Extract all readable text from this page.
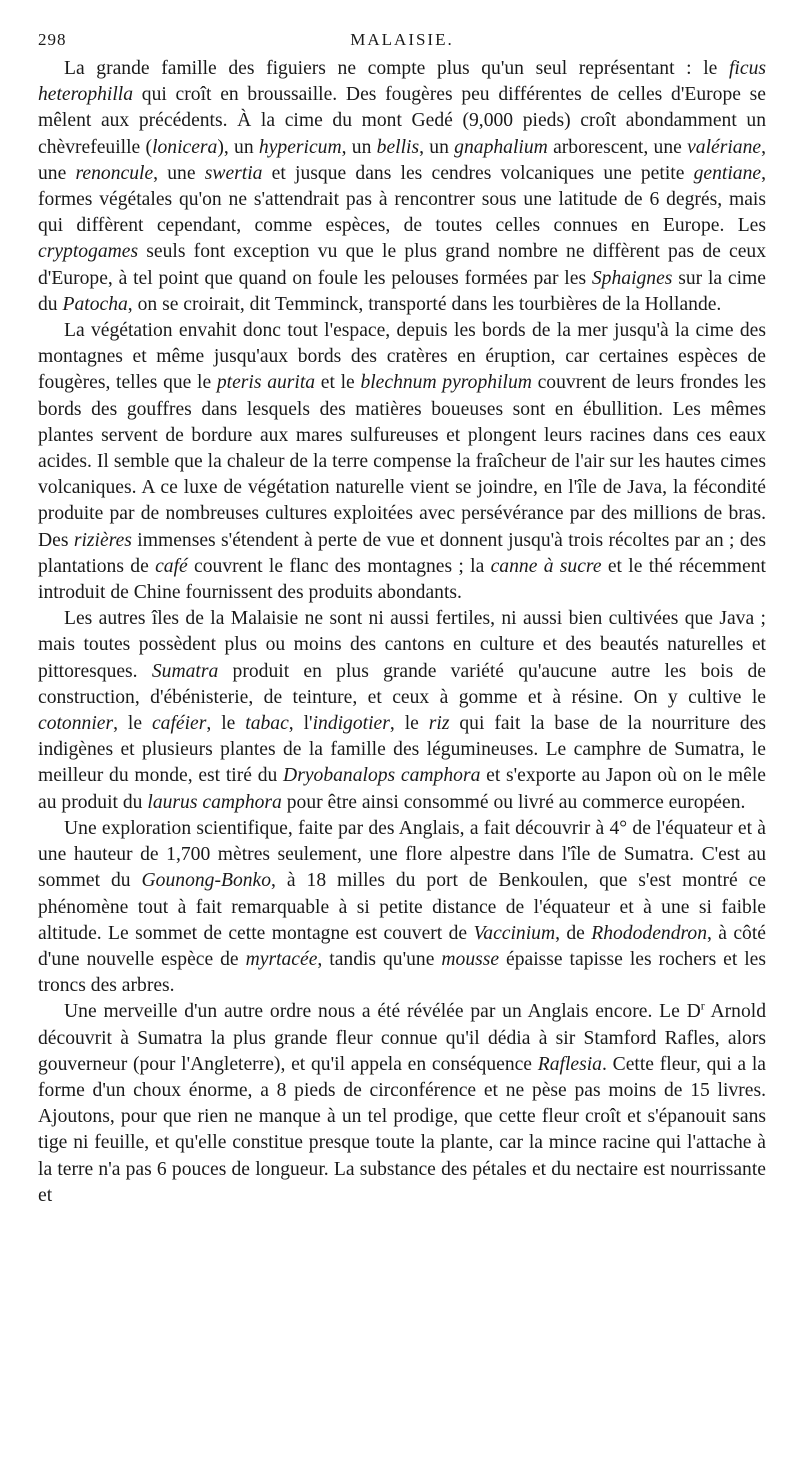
298	MALAISIE.

La grande famille des figuiers ne compte plus qu'un seul représentant : le ficus heterophilla qui croît en broussaille. Des fougères peu différentes de celles d'Europe se mêlent aux précédents. À la cime du mont Gedé (9,000 pieds) croît abondamment un chèvrefeuille (lonicera), un hypericum, un bellis, un gnaphalium arborescent, une valériane, une renoncule, une swertia et jusque dans les cendres volcaniques une petite gentiane, formes végétales qu'on ne s'attendrait pas à rencontrer sous une latitude de 6 degrés, mais qui diffèrent cependant, comme espèces, de toutes celles connues en Europe. Les cryptogames seuls font exception vu que le plus grand nombre ne diffèrent pas de ceux d'Europe, à tel point que quand on foule les pelouses formées par les Sphaignes sur la cime du Patocha, on se croirait, dit Temminck, transporté dans les tourbières de la Hollande.

La végétation envahit donc tout l'espace, depuis les bords de la mer jusqu'à la cime des montagnes et même jusqu'aux bords des cratères en éruption, car certaines espèces de fougères, telles que le pteris aurita et le blechnum pyrophilum couvrent de leurs frondes les bords des gouffres dans lesquels des matières boueuses sont en ébullition. Les mêmes plantes servent de bordure aux mares sulfureuses et plongent leurs racines dans ces eaux acides. Il semble que la chaleur de la terre compense la fraîcheur de l'air sur les hautes cimes volcaniques. A ce luxe de végétation naturelle vient se joindre, en l'île de Java, la fécondité produite par de nombreuses cultures exploitées avec persévérance par des millions de bras. Des rizières immenses s'étendent à perte de vue et donnent jusqu'à trois récoltes par an ; des plantations de café couvrent le flanc des montagnes ; la canne à sucre et le thé récemment introduit de Chine fournissent des produits abondants.

Les autres îles de la Malaisie ne sont ni aussi fertiles, ni aussi bien cultivées que Java ; mais toutes possèdent plus ou moins des cantons en culture et des beautés naturelles et pittoresques. Sumatra produit en plus grande variété qu'aucune autre les bois de construction, d'ébénisterie, de teinture, et ceux à gomme et à résine. On y cultive le cotonnier, le caféier, le tabac, l'indigotier, le riz qui fait la base de la nourriture des indigènes et plusieurs plantes de la famille des légumineuses. Le camphre de Sumatra, le meilleur du monde, est tiré du Dryobanalops camphora et s'exporte au Japon où on le mêle au produit du laurus camphora pour être ainsi consommé ou livré au commerce européen.

Une exploration scientifique, faite par des Anglais, a fait découvrir à 4° de l'équateur et à une hauteur de 1,700 mètres seulement, une flore alpestre dans l'île de Sumatra. C'est au sommet du Gounong-Bonko, à 18 milles du port de Benkoulen, que s'est montré ce phénomène tout à fait remarquable à si petite distance de l'équateur et à une si faible altitude. Le sommet de cette montagne est couvert de Vaccinium, de Rhododendron, à côté d'une nouvelle espèce de myrtacée, tandis qu'une mousse épaisse tapisse les rochers et les troncs des arbres.

Une merveille d'un autre ordre nous a été révélée par un Anglais encore. Le $D^r$ Arnold découvrit à Sumatra la plus grande fleur connue qu'il dédia à sir Stamford Rafles, alors gouverneur (pour l'Angleterre), et qu'il appela en conséquence Raflesia. Cette fleur, qui a la forme d'un choux énorme, a 8 pieds de circonférence et ne pèse pas moins de 15 livres. Ajoutons, pour que rien ne manque à un tel prodige, que cette fleur croît et s'épanouit sans tige ni feuille, et qu'elle constitue presque toute la plante, car la mince racine qui l'attache à la terre n'a pas 6 pouces de longueur. La substance des pétales et du nectaire est nourrissante et
